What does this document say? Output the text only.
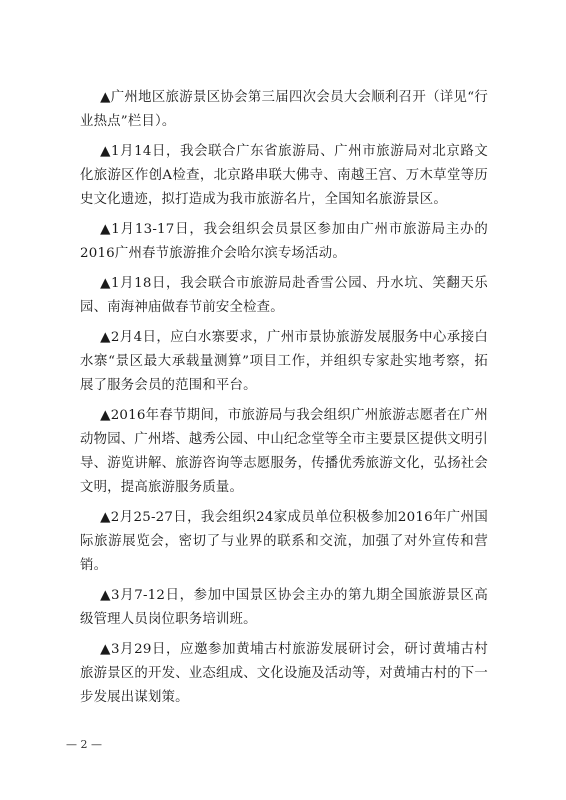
▲广州地区旅游景区协会第三届四次会员大会顺利召开（详见“行业热点”栏目）。

▲1月14日，我会联合广东省旅游局、广州市旅游局对北京路文化旅游区作创A检查，北京路串联大佛寺、南越王宫、万木草堂等历史文化遗迹，拟打造成为我市旅游名片，全国知名旅游景区。

▲1月13-17日，我会组织会员景区参加由广州市旅游局主办的2016广州春节旅游推介会哈尔滨专场活动。

▲1月18日，我会联合市旅游局赴香雪公园、丹水坑、笑翻天乐园、南海神庙做春节前安全检查。

▲2月4日，应白水寨要求，广州市景协旅游发展服务中心承接白水寨“景区最大承载量测算”项目工作，并组织专家赴实地考察，拓展了服务会员的范围和平台。

▲2016年春节期间，市旅游局与我会组织广州旅游志愿者在广州动物园、广州塔、越秀公园、中山纪念堂等全市主要景区提供文明引导、游览讲解、旅游咨询等志愿服务，传播优秀旅游文化，弘扬社会文明，提高旅游服务质量。

▲2月25-27日，我会组织24家成员单位积极参加2016年广州国际旅游展览会，密切了与业界的联系和交流，加强了对外宣传和营销。

▲3月7-12日，参加中国景区协会主办的第九期全国旅游景区高级管理人员岗位职务培训班。

▲3月29日，应邀参加黄埔古村旅游发展研讨会，研讨黄埔古村旅游景区的开发、业态组成、文化设施及活动等，对黄埔古村的下一步发展出谋划策。

— 2 —
